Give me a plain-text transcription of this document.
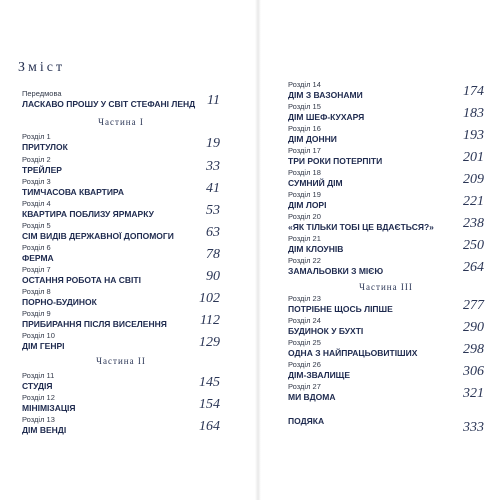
Зміст
Передмова
ЛАСКАВО ПРОШУ У СВІТ СТЕФАНІ ЛЕНД 11
Частина I
Розділ 1
ПРИТУЛОК	19
Розділ 2
ТРЕЙЛЕР	33
Розділ 3
ТИМЧАСОВА КВАРТИРА	41
Розділ 4
КВАРТИРА ПОБЛИЗУ ЯРМАРКУ	53
Розділ 5
СІМ ВИДІВ ДЕРЖАВНОЇ ДОПОМОГИ 63
Розділ 6
ФЕРМА	78
Розділ 7
ОСТАННЯ РОБОТА НА СВІТІ	90
Розділ 8
ПОРНО-БУДИНОК	102
Розділ 9
ПРИБИРАННЯ ПІСЛЯ ВИСЕЛЕННЯ 112
Розділ 10
ДІМ ГЕНРІ	129
Частина II
Розділ 11
СТУДІЯ	145
Розділ 12
МІНІМІЗАЦІЯ	154
Розділ 13
ДІМ ВЕНДІ	164
Розділ 14
ДІМ З ВАЗОНАМИ	174
Розділ 15
ДІМ ШЕФ-КУХАРЯ	183
Розділ 16
ДІМ ДОННИ	193
Розділ 17
ТРИ РОКИ ПОТЕРПІТИ	201
Розділ 18
СУМНИЙ ДІМ	209
Розділ 19
ДІМ ЛОРІ	221
Розділ 20
«ЯК ТІЛЬКИ ТОБІ ЦЕ ВДАЄТЬСЯ?» 238
Розділ 21
ДІМ КЛОУНІВ	250
Розділ 22
ЗАМАЛЬОВКИ З МІЄЮ	264
Частина III
Розділ 23
ПОТРІБНЕ ЩОСЬ ЛІПШЕ	277
Розділ 24
БУДИНОК У БУХТІ	290
Розділ 25
ОДНА З НАЙПРАЦЬОВИТІШИХ	298
Розділ 26
ДІМ-ЗВАЛИЩЕ	306
Розділ 27
МИ ВДОМА	321
ПОДЯКА	333
